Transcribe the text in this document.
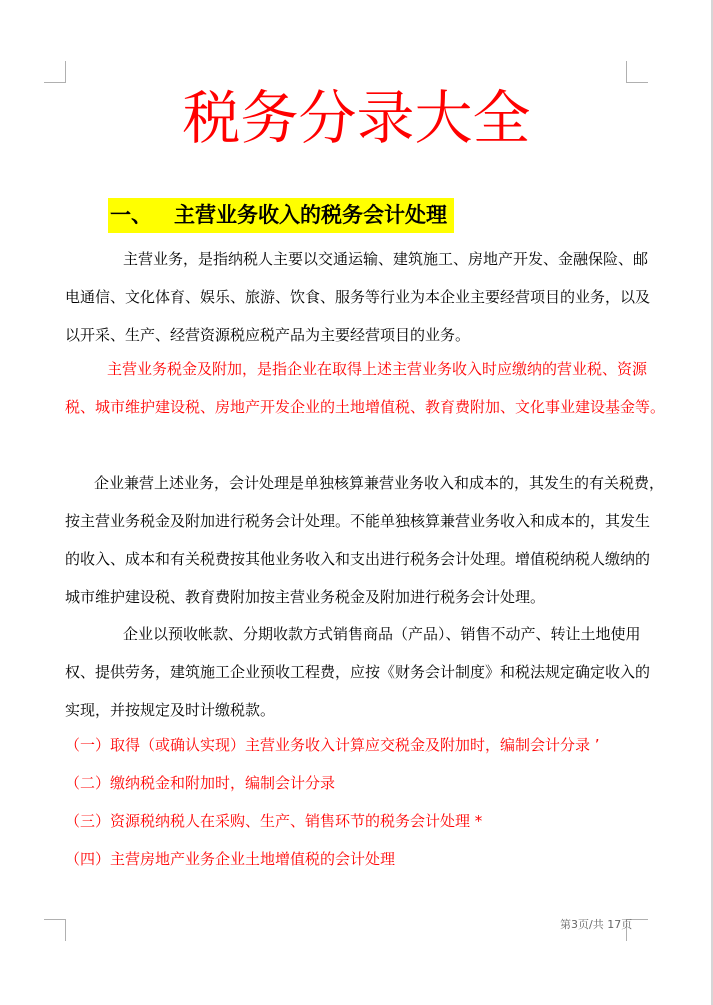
税务分录大全
一、 主营业务收入的税务会计处理
主营业务，是指纳税人主要以交通运输、建筑施工、房地产开发、金融保险、邮
电通信、文化体育、娱乐、旅游、饮食、服务等行业为本企业主要经营项目的业务，以及
以开采、生产、经营资源税应税产品为主要经营项目的业务。
主营业务税金及附加，是指企业在取得上述主营业务收入时应缴纳的营业税、资源
税、城市维护建设税、房地产开发企业的土地增值税、教育费附加、文化事业建设基金等。
企业兼营上述业务，会计处理是单独核算兼营业务收入和成本的，其发生的有关税费，
按主营业务税金及附加进行税务会计处理。不能单独核算兼营业务收入和成本的，其发生
的收入、成本和有关税费按其他业务收入和支出进行税务会计处理。增值税纳税人缴纳的
城市维护建设税、教育费附加按主营业务税金及附加进行税务会计处理。
企业以预收帐款、分期收款方式销售商品（产品）、销售不动产、转让土地使用
权、提供劳务，建筑施工企业预收工程费，应按《财务会计制度》和税法规定确定收入的
实现，并按规定及时计缴税款。
（一）取得（或确认实现）主营业务收入计算应交税金及附加时，编制会计分录 ’
（二）缴纳税金和附加时，编制会计分录
（三）资源税纳税人在采购、生产、销售环节的税务会计处理 *
（四）主营房地产业务企业土地增值税的会计处理
第3页/共 17页
